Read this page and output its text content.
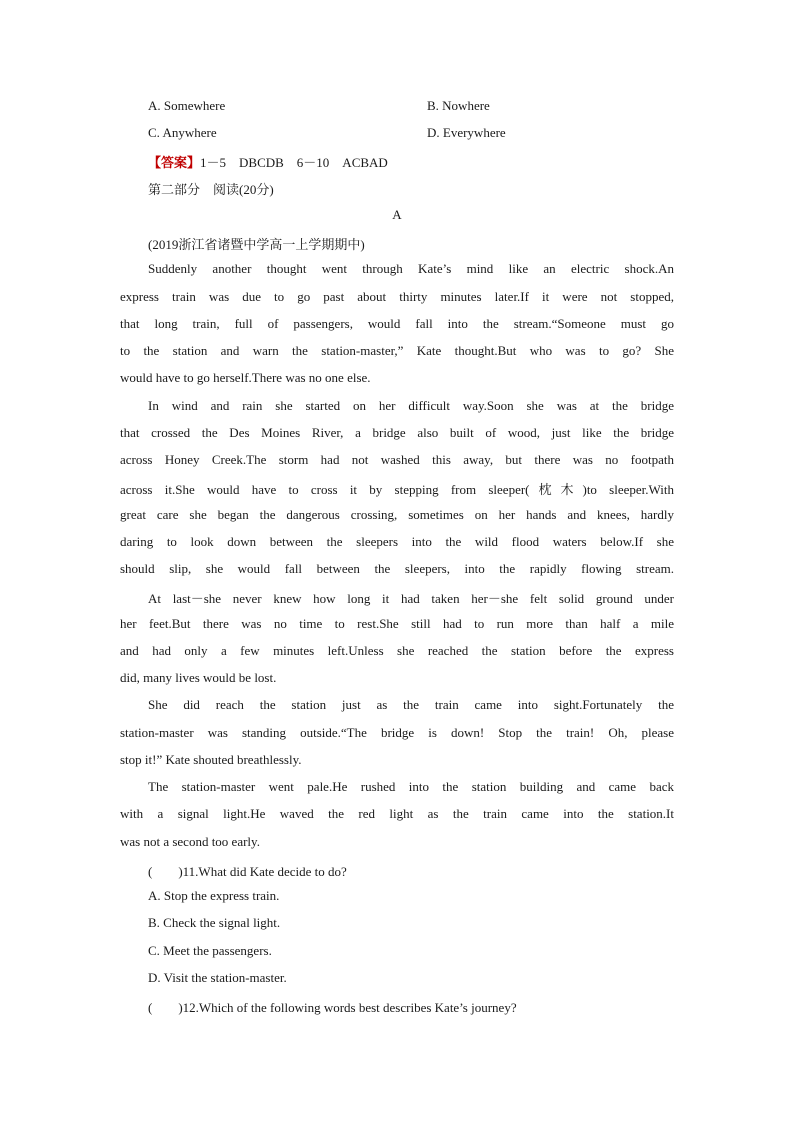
A. Somewhere	B. Nowhere
C. Anywhere	D. Everywhere
【答案】1－5　DBCDB　6－10　ACBAD
第二部分　阅读(20分)
A
(2019浙江省诸暨中学高一上学期期中)
Suddenly another thought went through Kate’s mind like an electric shock.An
express train was due to go past about thirty minutes later.If it were not stopped,
that long train, full of passengers, would fall into the stream.“Someone must go
to the station and warn the station-master,” Kate thought.But who was to go? She
would have to go herself.There was no one else.
In wind and rain she started on her difficult way.Soon she was at the bridge
that crossed the Des Moines River, a bridge also built of wood, just like the bridge
across Honey Creek.The storm had not washed this away, but there was no footpath
across it.She would have to cross it by stepping from sleeper(枕木)to sleeper.With
great care she began the dangerous crossing, sometimes on her hands and knees, hardly
daring to look down between the sleepers into the wild flood waters below.If she
should slip, she would fall between the sleepers, into the rapidly flowing stream.
At last－she never knew how long it had taken her－she felt solid ground under
her feet.But there was no time to rest.She still had to run more than half a mile
and had only a few minutes left.Unless she reached the station before the express
did, many lives would be lost.
She did reach the station just as the train came into sight.Fortunately the
station-master was standing outside.“The bridge is down! Stop the train! Oh, please
stop it!” Kate shouted breathlessly.
The station-master went pale.He rushed into the station building and came back
with a signal light.He waved the red light as the train came into the station.It
was not a second too early.
(　　)11.What did Kate decide to do?
A. Stop the express train.
B. Check the signal light.
C. Meet the passengers.
D. Visit the station-master.
(　　)12.Which of the following words best describes Kate’s journey?
